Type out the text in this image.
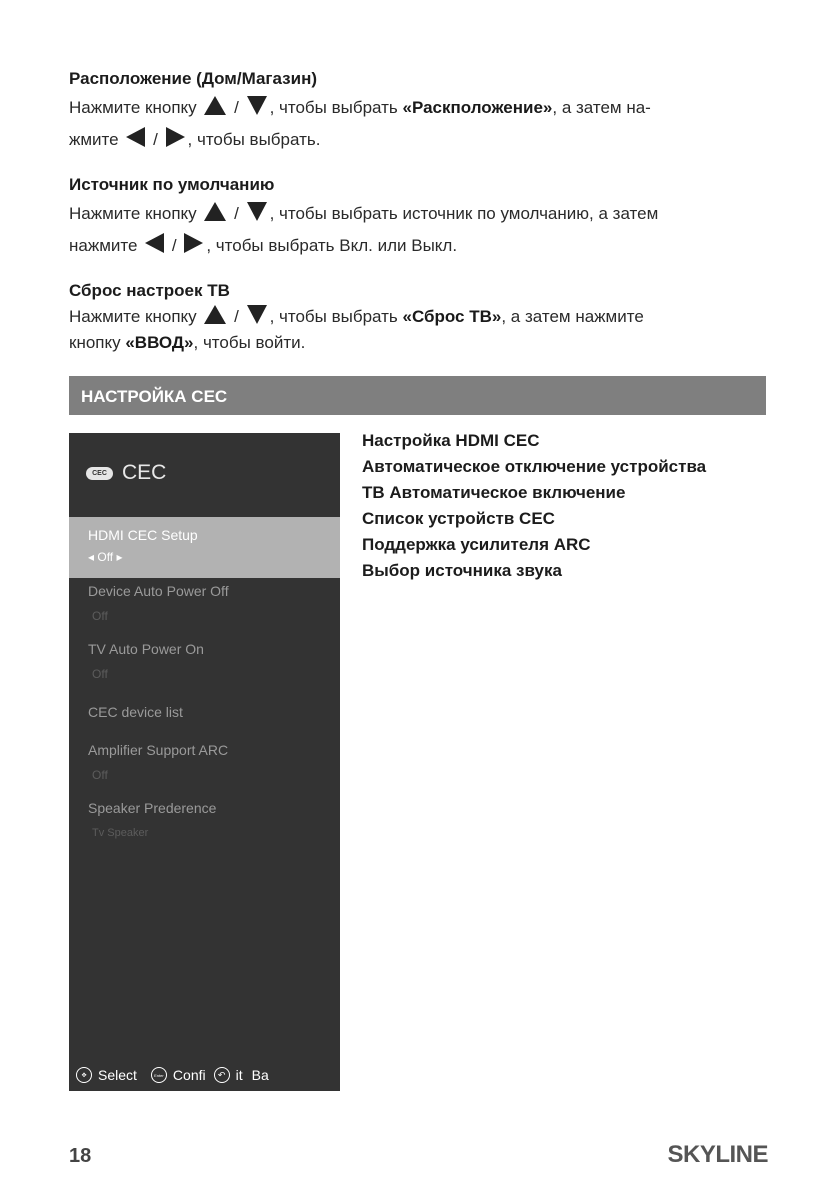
Расположение (Дом/Магазин)
Нажмите кнопку  / , чтобы выбрать «Раскположение», а затем на-
жмите  / , чтобы выбрать.
Источник по умолчанию
Нажмите кнопку  / , чтобы выбрать источник по умолчанию, а затем
нажмите  / , чтобы выбрать Вкл. или Выкл.
Сброс настроек ТВ
Нажмите кнопку  / , чтобы выбрать «Сброс ТВ», а затем нажмите
кнопку «ВВОД», чтобы войти.
НАСТРОЙКА CEC
CEC CEC
HDMI CEC Setup
◂ Off ▸
Device Auto Power Off
Off
TV Auto Power On
Off
CEC device list
Amplifier Support ARC
Off
Speaker Prederence
Tv Speaker
✥ Select	Enter Confi	↶ it Ba
Настройка HDMI CEC
Автоматическое отключение устройства
ТВ Автоматическое включение
Список устройств CEC
Поддержка усилителя ARC
Выбор источника звука
18	SKYLINE
